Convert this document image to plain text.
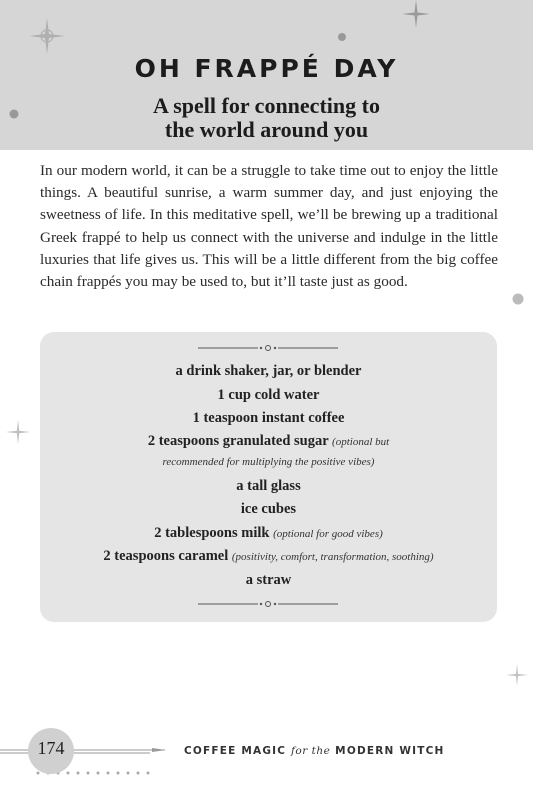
OH FRAPPÉ DAY
A spell for connecting to
the world around you
In our modern world, it can be a struggle to take time out to enjoy the little things. A beautiful sunrise, a warm summer day, and just enjoying the sweetness of life. In this meditative spell, we’ll be brewing up a traditional Greek frappé to help us connect with the universe and indulge in the little luxuries that life gives us. This will be a little different from the big coffee chain frappés you may be used to, but it’ll taste just as good.
a drink shaker, jar, or blender
1 cup cold water
1 teaspoon instant coffee
2 teaspoons granulated sugar (optional but
recommended for multiplying the positive vibes)
a tall glass
ice cubes
2 tablespoons milk (optional for good vibes)
2 teaspoons caramel (positivity, comfort, transformation, soothing)
a straw
174	COFFEE MAGIC for the MODERN WITCH
